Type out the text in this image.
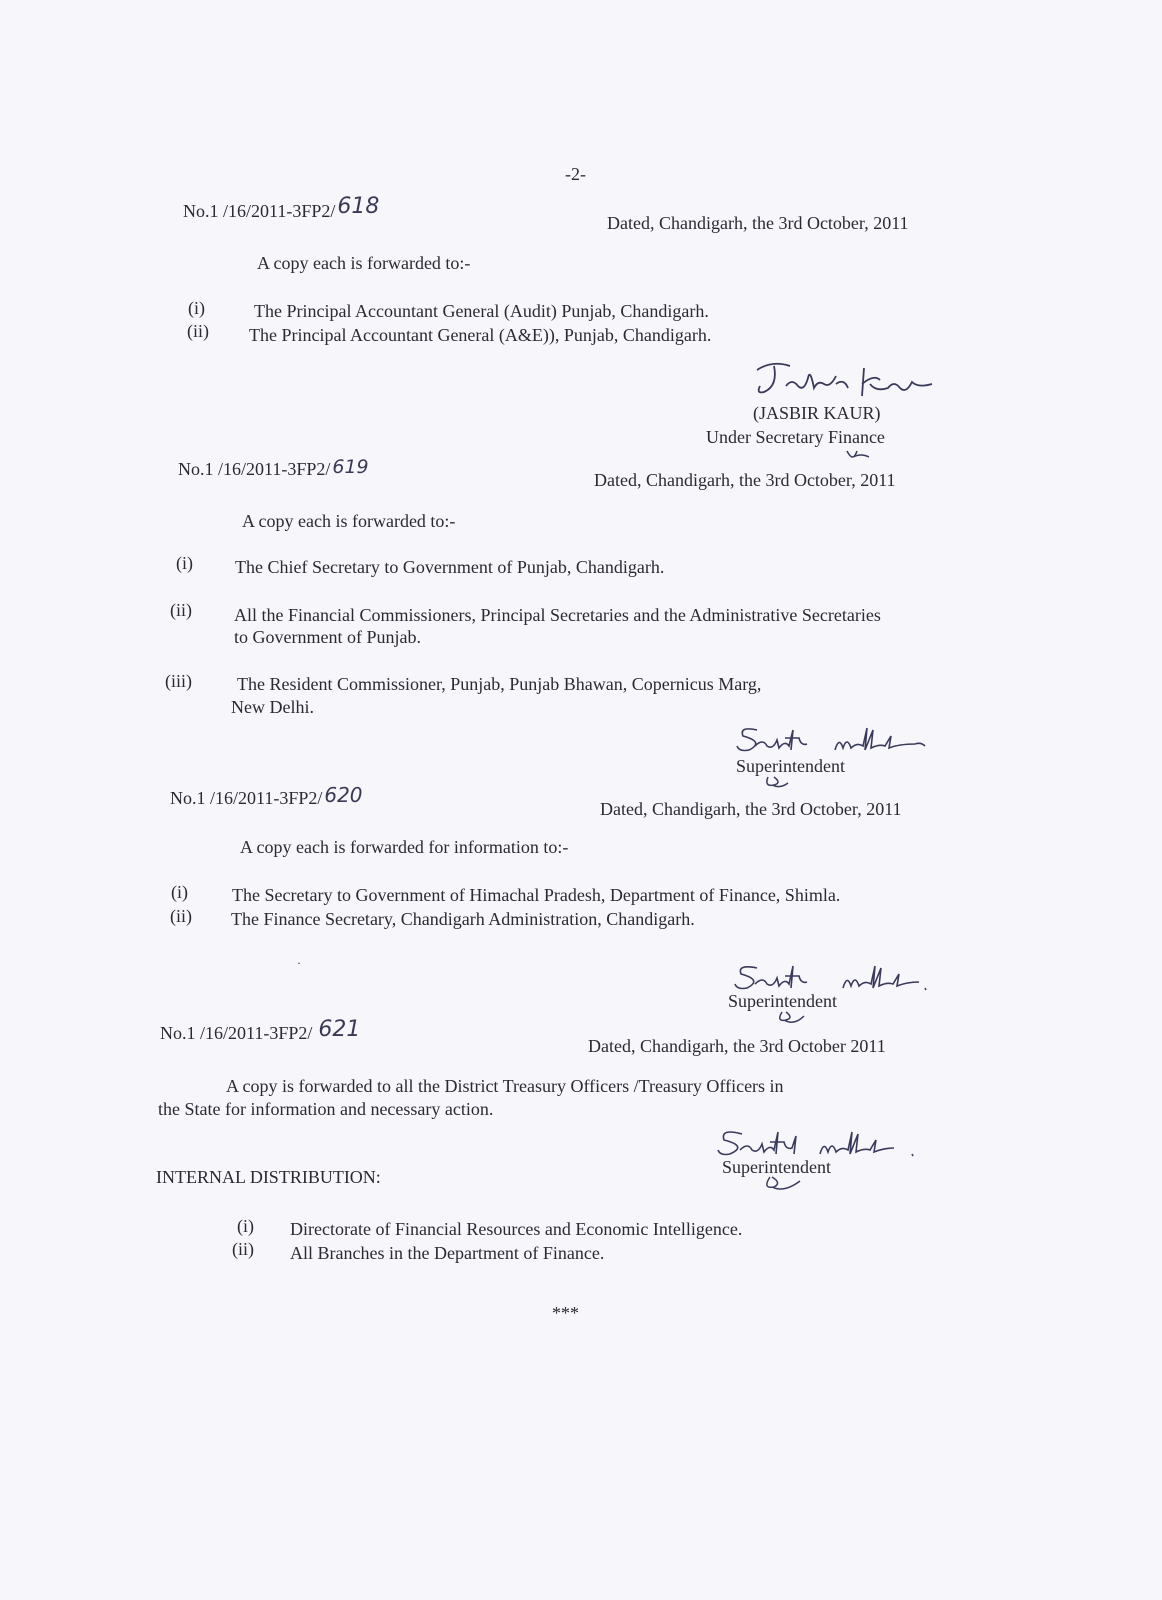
-2-
No.1 /16/2011-3FP2/618
Dated, Chandigarh, the 3rd October, 2011
A copy each is forwarded to:-
(i)	The Principal Accountant General (Audit) Punjab, Chandigarh.
(ii) The Principal Accountant General (A&E)), Punjab, Chandigarh.
(JASBIR KAUR)
Under Secretary Finance
No.1 /16/2011-3FP2/ 619
Dated, Chandigarh, the 3rd October, 2011
A copy each is forwarded to:-
(i) The Chief Secretary to Government of Punjab, Chandigarh.
(ii) All the Financial Commissioners, Principal Secretaries and the Administrative Secretaries
to Government of Punjab.
(iii)	The Resident Commissioner, Punjab, Punjab Bhawan, Copernicus Marg,
New Delhi.
Superintendent
No.1 /16/2011-3FP2/ 620
Dated, Chandigarh, the 3rd October, 2011
A copy each is forwarded for information to:-
(i) The Secretary to Government of Himachal Pradesh, Department of Finance, Shimla.
(ii) The Finance Secretary, Chandigarh Administration, Chandigarh.
·
Superintendent
No.1 /16/2011-3FP2/ 621
Dated, Chandigarh, the 3rd October 2011
A copy is forwarded to all the District Treasury Officers /Treasury Officers in
the State for information and necessary action.
Superintendent
INTERNAL DISTRIBUTION:
(i) Directorate of Financial Resources and Economic Intelligence.
(ii) All Branches in the Department of Finance.
***
